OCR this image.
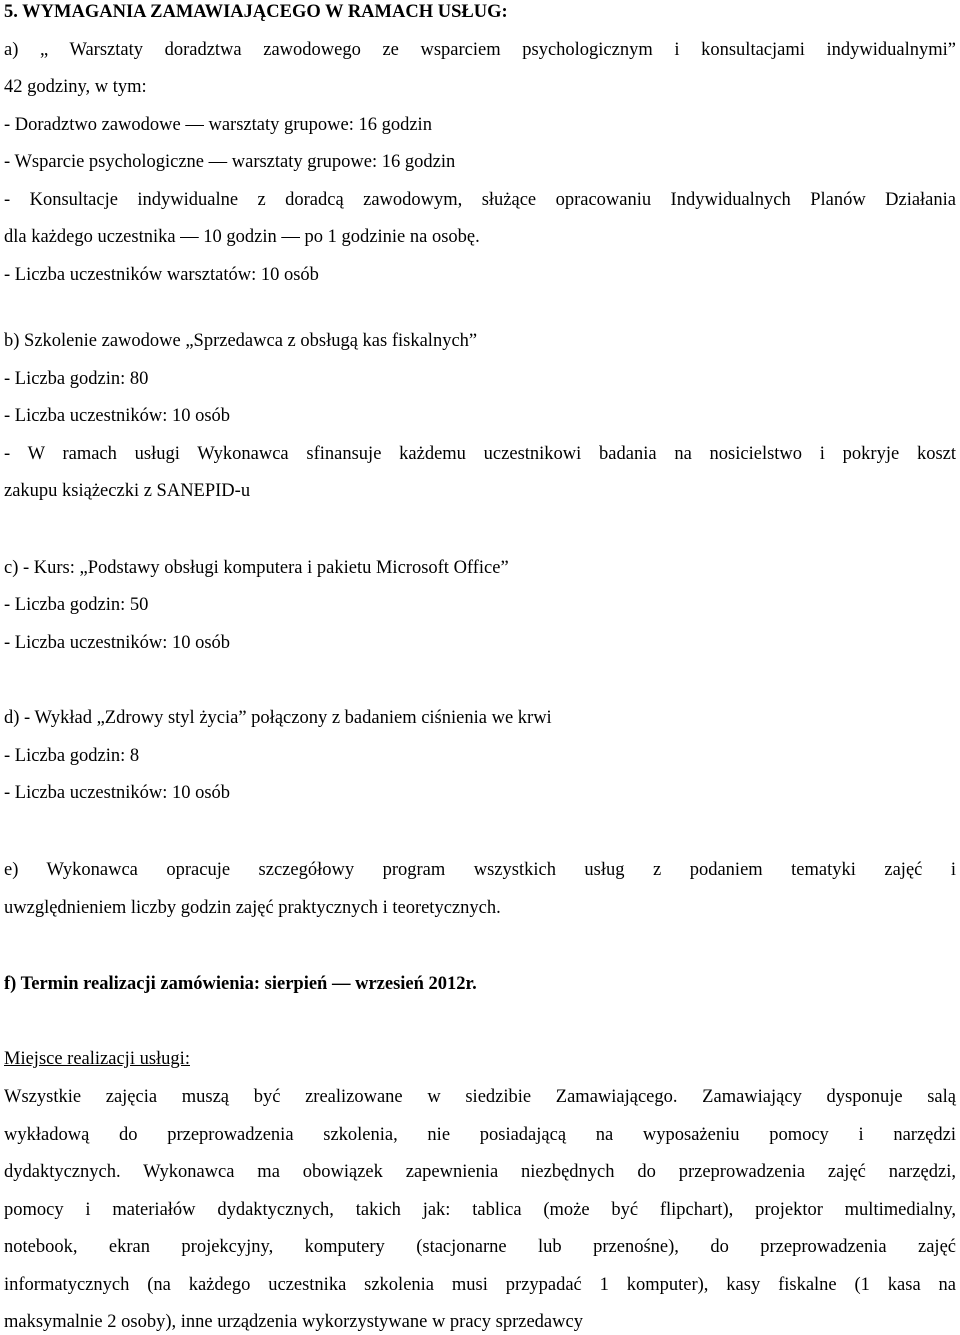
5. WYMAGANIA ZAMAWIAJĄCEGO W RAMACH USŁUG:
a) „ Warsztaty doradztwa zawodowego ze wsparciem psychologicznym i konsultacjami indywidualnymi”
42 godziny, w tym:
- Doradztwo zawodowe — warsztaty grupowe: 16 godzin
- Wsparcie psychologiczne — warsztaty grupowe: 16 godzin
- Konsultacje indywidualne z doradcą zawodowym, służące opracowaniu Indywidualnych Planów Działania
dla każdego uczestnika — 10 godzin — po 1 godzinie na osobę.
- Liczba uczestników warsztatów: 10 osób
b) Szkolenie zawodowe „Sprzedawca z obsługą kas fiskalnych”
- Liczba godzin: 80
- Liczba uczestników: 10 osób
- W ramach usługi Wykonawca sfinansuje każdemu uczestnikowi badania na nosicielstwo i pokryje koszt
zakupu książeczki z SANEPID-u
c) - Kurs: „Podstawy obsługi komputera i pakietu Microsoft Office”
- Liczba godzin: 50
- Liczba uczestników: 10 osób
d) - Wykład „Zdrowy styl życia” połączony z badaniem ciśnienia we krwi
- Liczba godzin: 8
- Liczba uczestników: 10 osób
e) Wykonawca opracuje szczegółowy program wszystkich usług z podaniem tematyki zajęć i
uwzględnieniem liczby godzin zajęć praktycznych i teoretycznych.
f) Termin realizacji zamówienia: sierpień — wrzesień 2012r.
Miejsce realizacji usługi:
Wszystkie zajęcia muszą być zrealizowane w siedzibie Zamawiającego. Zamawiający dysponuje salą
wykładową do przeprowadzenia szkolenia, nie posiadającą na wyposażeniu pomocy i narzędzi
dydaktycznych. Wykonawca ma obowiązek zapewnienia niezbędnych do przeprowadzenia zajęć narzędzi,
pomocy i materiałów dydaktycznych, takich jak: tablica (może być flipchart), projektor multimedialny,
notebook, ekran projekcyjny, komputery (stacjonarne lub przenośne), do przeprowadzenia zajęć
informatycznych (na każdego uczestnika szkolenia musi przypadać 1 komputer), kasy fiskalne (1 kasa na
maksymalnie 2 osoby), inne urządzenia wykorzystywane w pracy sprzedawcy
